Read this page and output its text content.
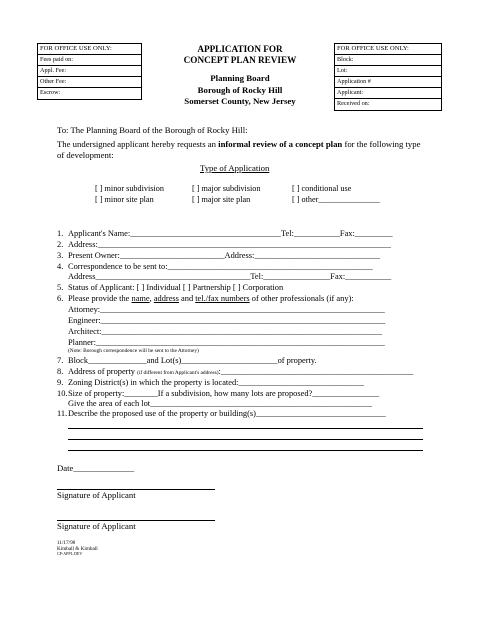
FOR OFFICE USE ONLY:
Fees paid on:
Appl. Fee:
Other Fee:
Escrow:
FOR OFFICE USE ONLY:
Block:
Lot:
Application #
Applicant:
Received on:
APPLICATION FOR
CONCEPT PLAN REVIEW
Planning Board
Borough of Rocky Hill
Somerset County, New Jersey
To: The Planning Board of the Borough of Rocky Hill:
The undersigned applicant hereby requests an informal review of a concept plan for the following type of development:
Type of Application
[ ] minor subdivision	[ ] major subdivision	[ ] conditional use
[ ] minor site plan	[ ] major site plan	[ ] other_______________
1. Applicant's Name:____________________________________Tel:___________Fax:_________
2. Address:______________________________________________________________________
3. Present Owner:_________________________Address:______________________________
4. Correspondence to be sent to:_________________________________________________
Address_____________________________________Tel:________________Fax:___________
5. Status of Applicant: [ ] Individual [ ] Partnership [ ] Corporation
6. Please provide the name, address and tel./fax numbers of other professionals (if any):
Attorney:____________________________________________________________________
Engineer:____________________________________________________________________
Architect:___________________________________________________________________
Planner:_____________________________________________________________________
(Note: Borough correspondence will be sent to the Attorney)
7. Block______________and Lot(s)_______________________of property.
8. Address of property (if different from Applicant's address):______________________________________________
9. Zoning District(s) in which the property is located:______________________________
10.Size of property:________If a subdivision, how many lots are proposed?________________
Give the area of each lot_____________________________________________________
11.Describe the proposed use of the property or building(s)_______________________________
Date______________
Signature of Applicant
Signature of Applicant
11/17/98
Kimball & Kimball
CP-APPL.DEV
